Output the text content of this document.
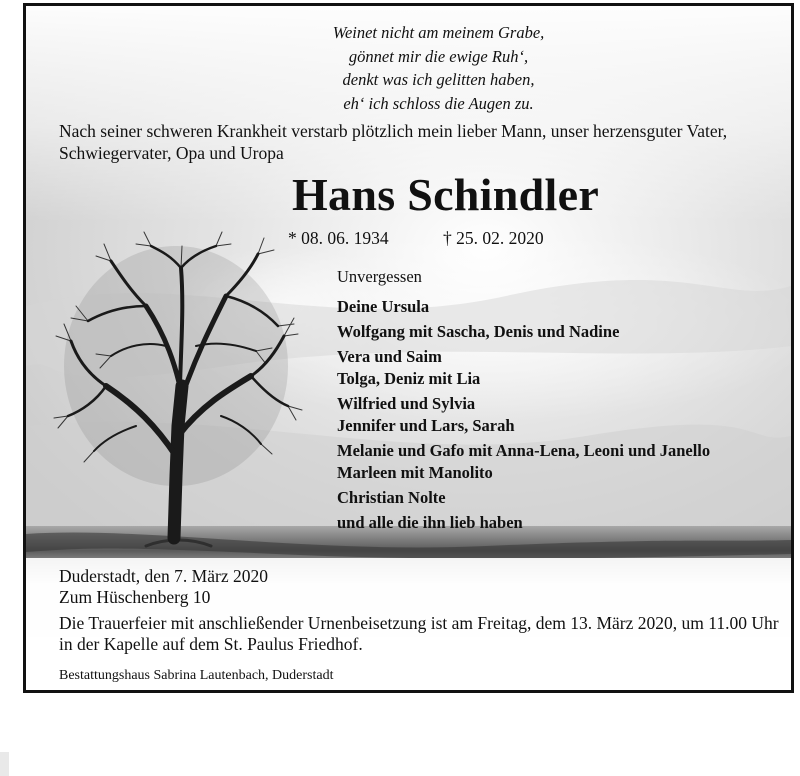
Weinet nicht am meinem Grabe,
gönnet mir die ewige Ruh‘,
denkt was ich gelitten haben,
eh‘ ich schloss die Augen zu.
Nach seiner schweren Krankheit verstarb plötzlich mein lieber Mann, unser herzensguter Vater, Schwiegervater, Opa und Uropa
Hans Schindler
* 08. 06. 1934	† 25. 02. 2020
Unvergessen
Deine Ursula
Wolfgang mit Sascha, Denis und Nadine
Vera und Saim
Tolga, Deniz mit Lia
Wilfried und Sylvia
Jennifer und Lars, Sarah
Melanie und Gafo mit Anna-Lena, Leoni und Janello
Marleen mit Manolito
Christian Nolte
und alle die ihn lieb haben
Duderstadt, den 7. März 2020
Zum Hüschenberg 10
Die Trauerfeier mit anschließender Urnenbeisetzung ist am Freitag, dem 13. März 2020, um 11.00 Uhr in der Kapelle auf dem St. Paulus Friedhof.
Bestattungshaus Sabrina Lautenbach, Duderstadt
